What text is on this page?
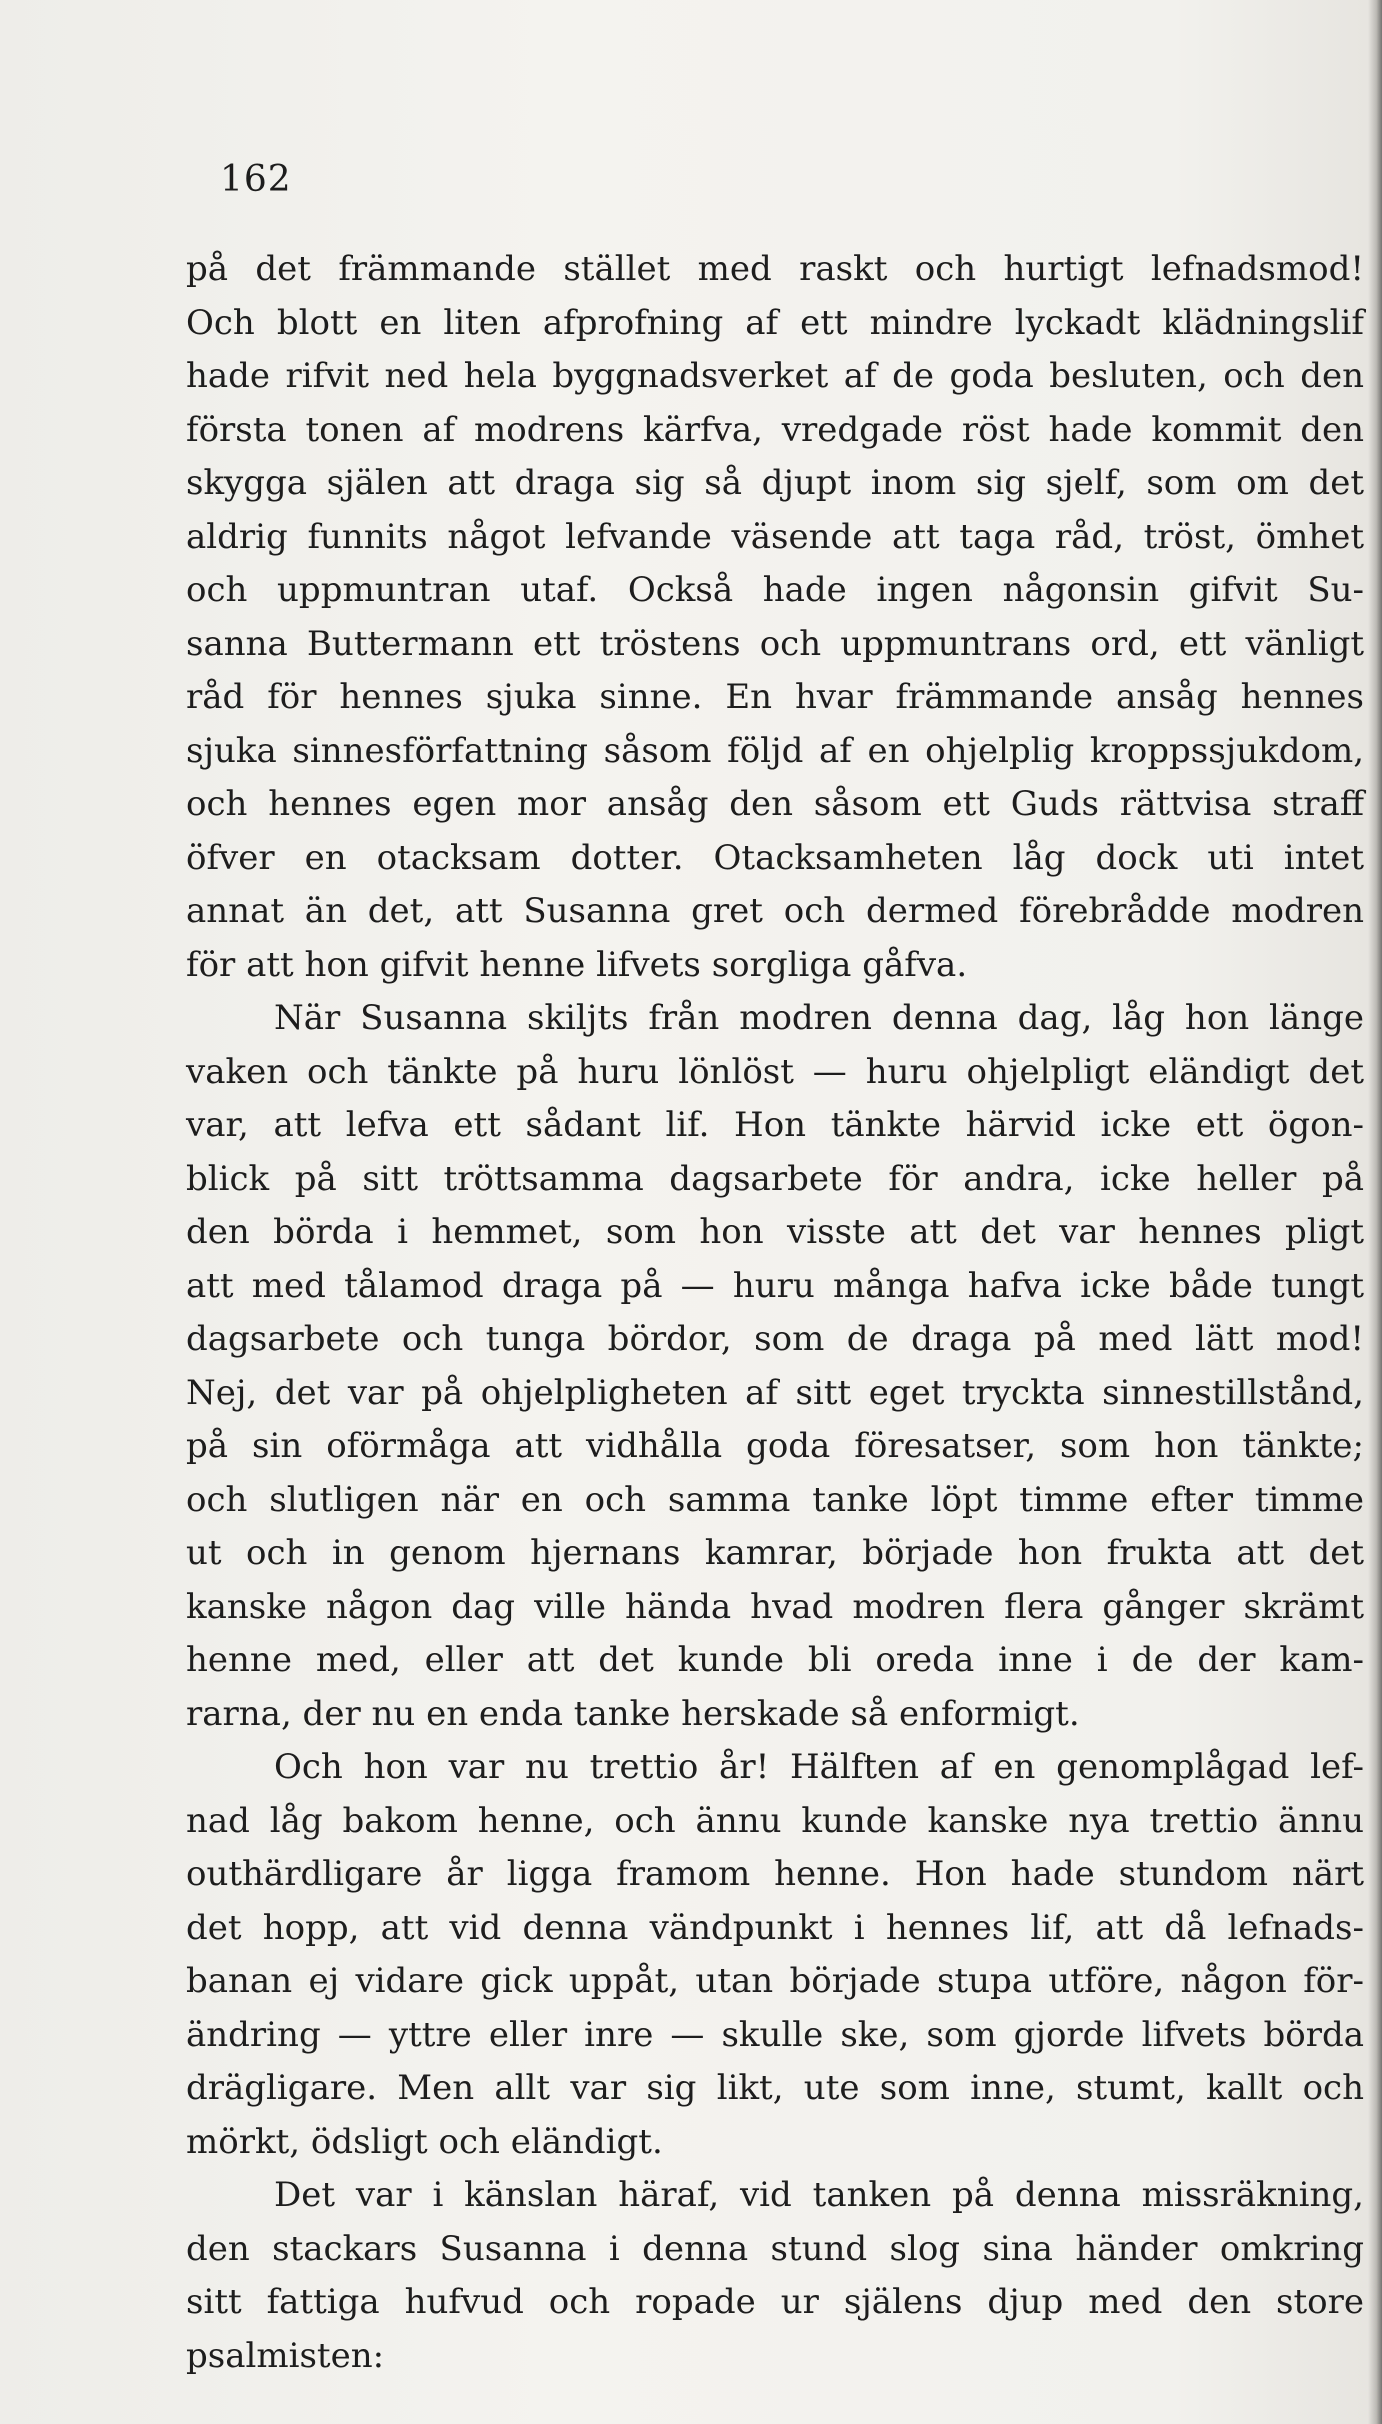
162
på det främmande stället med raskt och hurtigt lefnadsmod!
Och blott en liten afprofning af ett mindre lyckadt klädningslif
hade rifvit ned hela byggnadsverket af de goda besluten, och den
första tonen af modrens kärfva, vredgade röst hade kommit den
skygga själen att draga sig så djupt inom sig sjelf, som om det
aldrig funnits något lefvande väsende att taga råd, tröst, ömhet
och uppmuntran utaf. Också hade ingen någonsin gifvit Su-
sanna Buttermann ett tröstens och uppmuntrans ord, ett vänligt
råd för hennes sjuka sinne. En hvar främmande ansåg hennes
sjuka sinnesförfattning såsom följd af en ohjelplig kroppssjukdom,
och hennes egen mor ansåg den såsom ett Guds rättvisa straff
öfver en otacksam dotter. Otacksamheten låg dock uti intet
annat än det, att Susanna gret och dermed förebrådde modren
för att hon gifvit henne lifvets sorgliga gåfva.
När Susanna skiljts från modren denna dag, låg hon länge
vaken och tänkte på huru lönlöst — huru ohjelpligt eländigt det
var, att lefva ett sådant lif. Hon tänkte härvid icke ett ögon-
blick på sitt tröttsamma dagsarbete för andra, icke heller på
den börda i hemmet, som hon visste att det var hennes pligt
att med tålamod draga på — huru många hafva icke både tungt
dagsarbete och tunga bördor, som de draga på med lätt mod!
Nej, det var på ohjelpligheten af sitt eget tryckta sinnestillstånd,
på sin oförmåga att vidhålla goda föresatser, som hon tänkte;
och slutligen när en och samma tanke löpt timme efter timme
ut och in genom hjernans kamrar, började hon frukta att det
kanske någon dag ville hända hvad modren flera gånger skrämt
henne med, eller att det kunde bli oreda inne i de der kam-
rarna, der nu en enda tanke herskade så enformigt.
Och hon var nu trettio år! Hälften af en genomplågad lef-
nad låg bakom henne, och ännu kunde kanske nya trettio ännu
outhärdligare år ligga framom henne. Hon hade stundom närt
det hopp, att vid denna vändpunkt i hennes lif, att då lefnads-
banan ej vidare gick uppåt, utan började stupa utföre, någon för-
ändring — yttre eller inre — skulle ske, som gjorde lifvets börda
drägligare. Men allt var sig likt, ute som inne, stumt, kallt och
mörkt, ödsligt och eländigt.
Det var i känslan häraf, vid tanken på denna missräkning,
den stackars Susanna i denna stund slog sina händer omkring
sitt fattiga hufvud och ropade ur själens djup med den store
psalmisten:
